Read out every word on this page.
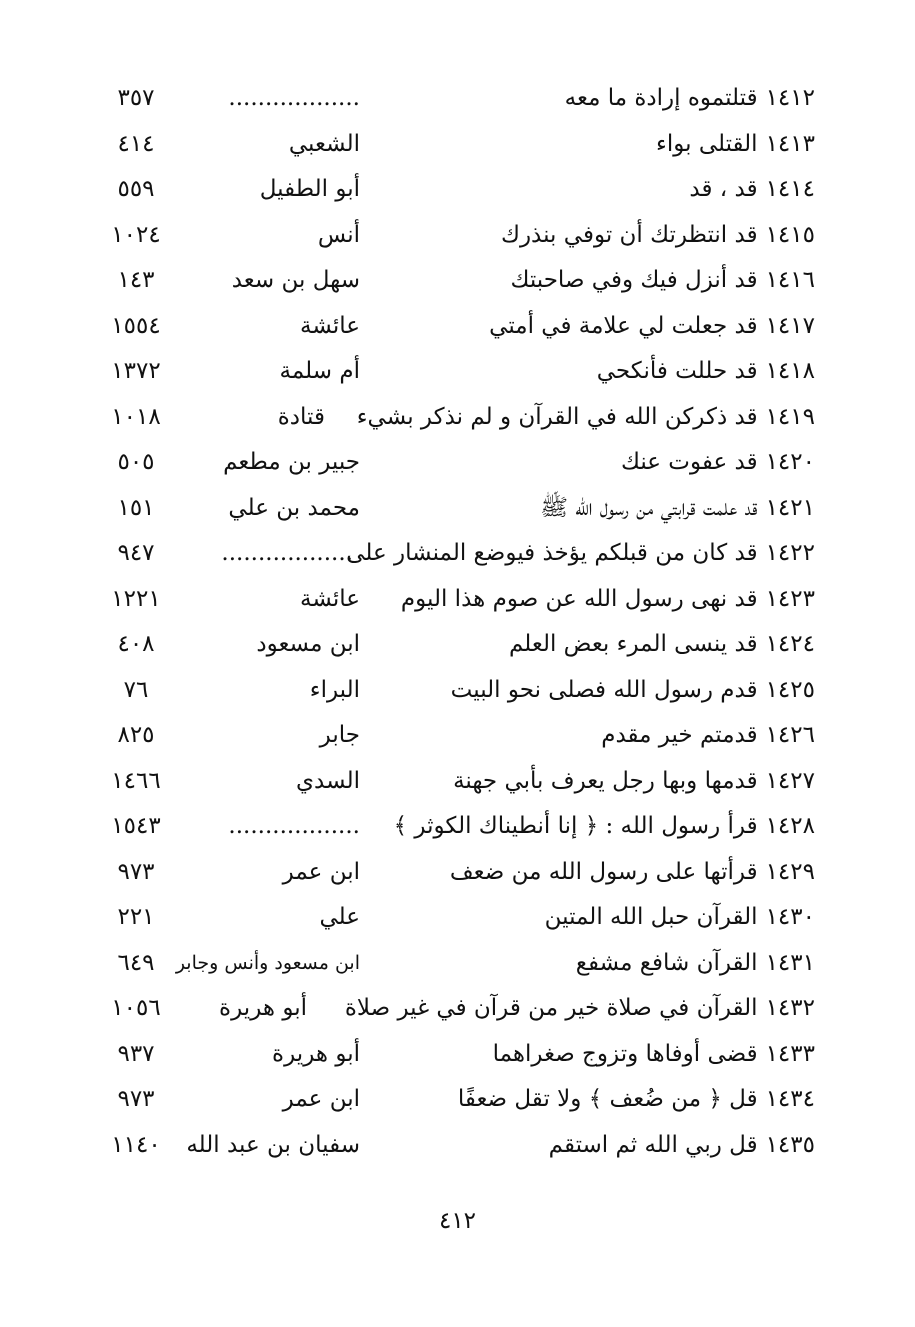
١٤١٢قتلتموه إرادة ما معه
..................
٣٥٧
١٤١٣القتلى بواء
الشعبي
٤١٤
١٤١٤قد ، قد
أبو الطفيل
٥٥٩
١٤١٥قد انتظرتك أن توفي بنذرك
أنس
١٠٢٤
١٤١٦قد أنزل فيك وفي صاحبتك
سهل بن سعد
١٤٣
١٤١٧قد جعلت لي علامة في أمتي
عائشة
١٥٥٤
١٤١٨قد حللت فأنكحي
أم سلمة
١٣٧٢
١٤١٩قد ذكركن الله في القرآن و لم نذكر بشيء
قتادة
١٠١٨
١٤٢٠قد عفوت عنك
جبير بن مطعم
٥٠٥
١٤٢١قد علمت قرابتي من رسول الله ﷺ
محمد بن علي
١٥١
١٤٢٢قد كان من قبلكم يؤخذ فيوضع المنشار على
..................
٩٤٧
١٤٢٣قد نهى رسول الله عن صوم هذا اليوم
عائشة
١٢٢١
١٤٢٤قد ينسى المرء بعض العلم
ابن مسعود
٤٠٨
١٤٢٥قدم رسول الله فصلى نحو البيت
البراء
٧٦
١٤٢٦قدمتم خير مقدم
جابر
٨٢٥
١٤٢٧قدمها وبها رجل يعرف بأبي جهنة
السدي
١٤٦٦
١٤٢٨قرأ رسول الله : ﴿ إنا أنطيناك الكوثر ﴾
..................
١٥٤٣
١٤٢٩قرأتها على رسول الله من ضعف
ابن عمر
٩٧٣
١٤٣٠القرآن حبل الله المتين
علي
٢٢١
١٤٣١القرآن شافع مشفع
ابن مسعود وأنس وجابر
٦٤٩
١٤٣٢القرآن في صلاة خير من قرآن في غير صلاة
أبو هريرة
١٠٥٦
١٤٣٣قضى أوفاها وتزوج صغراهما
أبو هريرة
٩٣٧
١٤٣٤قل ﴿ من ضُعف ﴾ ولا تقل ضعفًا
ابن عمر
٩٧٣
١٤٣٥قل ربي الله ثم استقم
سفيان بن عبد الله
١١٤٠
٤١٢
